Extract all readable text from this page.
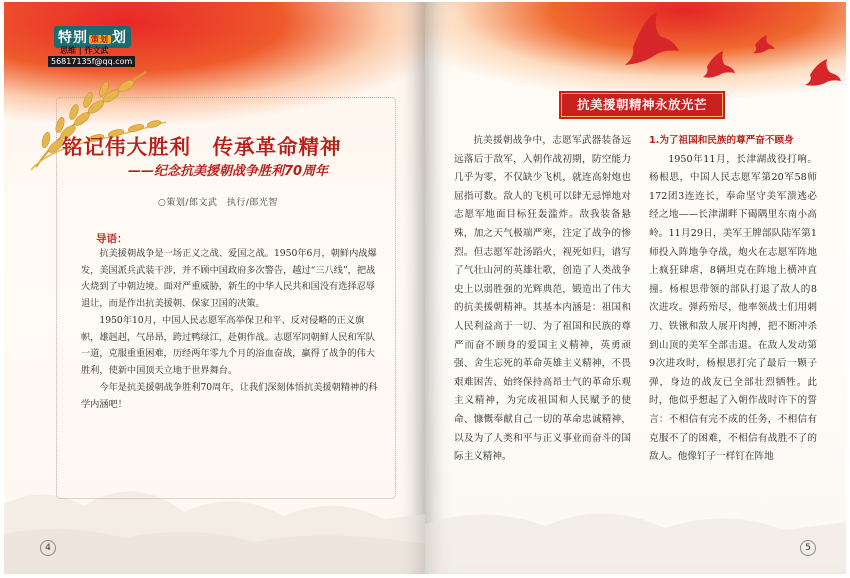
特别 策划 划
思维 | 作文武
56817135f@qq.com
铭记伟大胜利　传承革命精神
——纪念抗美援朝战争胜利70周年
○策划/郎文武　执行/郎光智
导语：

抗美援朝战争是一场正义之战、爱国之战。1950年6月，朝鲜内战爆发，美国派兵武装干涉，并不顾中国政府多次警告，越过“三八线”，把战火烧到了中朝边境。面对严重威胁，新生的中华人民共和国没有选择忍辱退让，而是作出抗美援朝、保家卫国的决策。

1950年10月，中国人民志愿军高举保卫和平、反对侵略的正义旗帜，雄赳赳，气昂昂，跨过鸭绿江，赴朝作战。志愿军同朝鲜人民和军队一道，克服重重困难，历经两年零九个月的浴血奋战，赢得了战争的伟大胜利，使新中国顶天立地于世界舞台。

今年是抗美援朝战争胜利70周年，让我们深刻体悟抗美援朝精神的科学内涵吧！

4
抗美援朝精神永放光芒

抗美援朝战争中，志愿军武器装备远远落后于敌军，入朝作战初期，防空能力几乎为零，不仅缺少飞机，就连高射炮也屈指可数。敌人的飞机可以肆无忌惮地对志愿军地面目标狂轰滥炸。敌我装备悬殊，加之天气极端严寒，注定了战争的惨烈。但志愿军赴汤蹈火，视死如归，谱写了气壮山河的英雄壮歌，创造了人类战争史上以弱胜强的光辉典范，锻造出了伟大的抗美援朝精神。其基本内涵是：祖国和人民利益高于一切、为了祖国和民族的尊严而奋不顾身的爱国主义精神，英勇顽强、舍生忘死的革命英雄主义精神，不畏艰难困苦、始终保持高昂士气的革命乐观主义精神，为完成祖国和人民赋予的使命、慷慨奉献自己一切的革命忠诚精神，以及为了人类和平与正义事业而奋斗的国际主义精神。

1.为了祖国和民族的尊严奋不顾身

1950年11月，长津湖战役打响。杨根思，中国人民志愿军第20军58师172团3连连长，奉命坚守美军溃逃必经之地——长津湖畔下碣隅里东南小高岭。11月29日，美军王牌部队陆军第1师投入阵地争夺战，炮火在志愿军阵地上疯狂肆虐，8辆坦克在阵地上横冲直撞。杨根思带领的部队打退了敌人的8次进攻。弹药殆尽，他率领战士们用刺刀、铁锹和敌人展开肉搏，把不断冲杀到山顶的美军全部击退。在敌人发动第9次进攻时，杨根思打完了最后一颗子弹，身边的战友已全部壮烈牺牲。此时，他似乎想起了入朝作战时许下的誓言：不相信有完不成的任务，不相信有克服不了的困难，不相信有战胜不了的敌人。他像钉子一样钉在阵地

5
